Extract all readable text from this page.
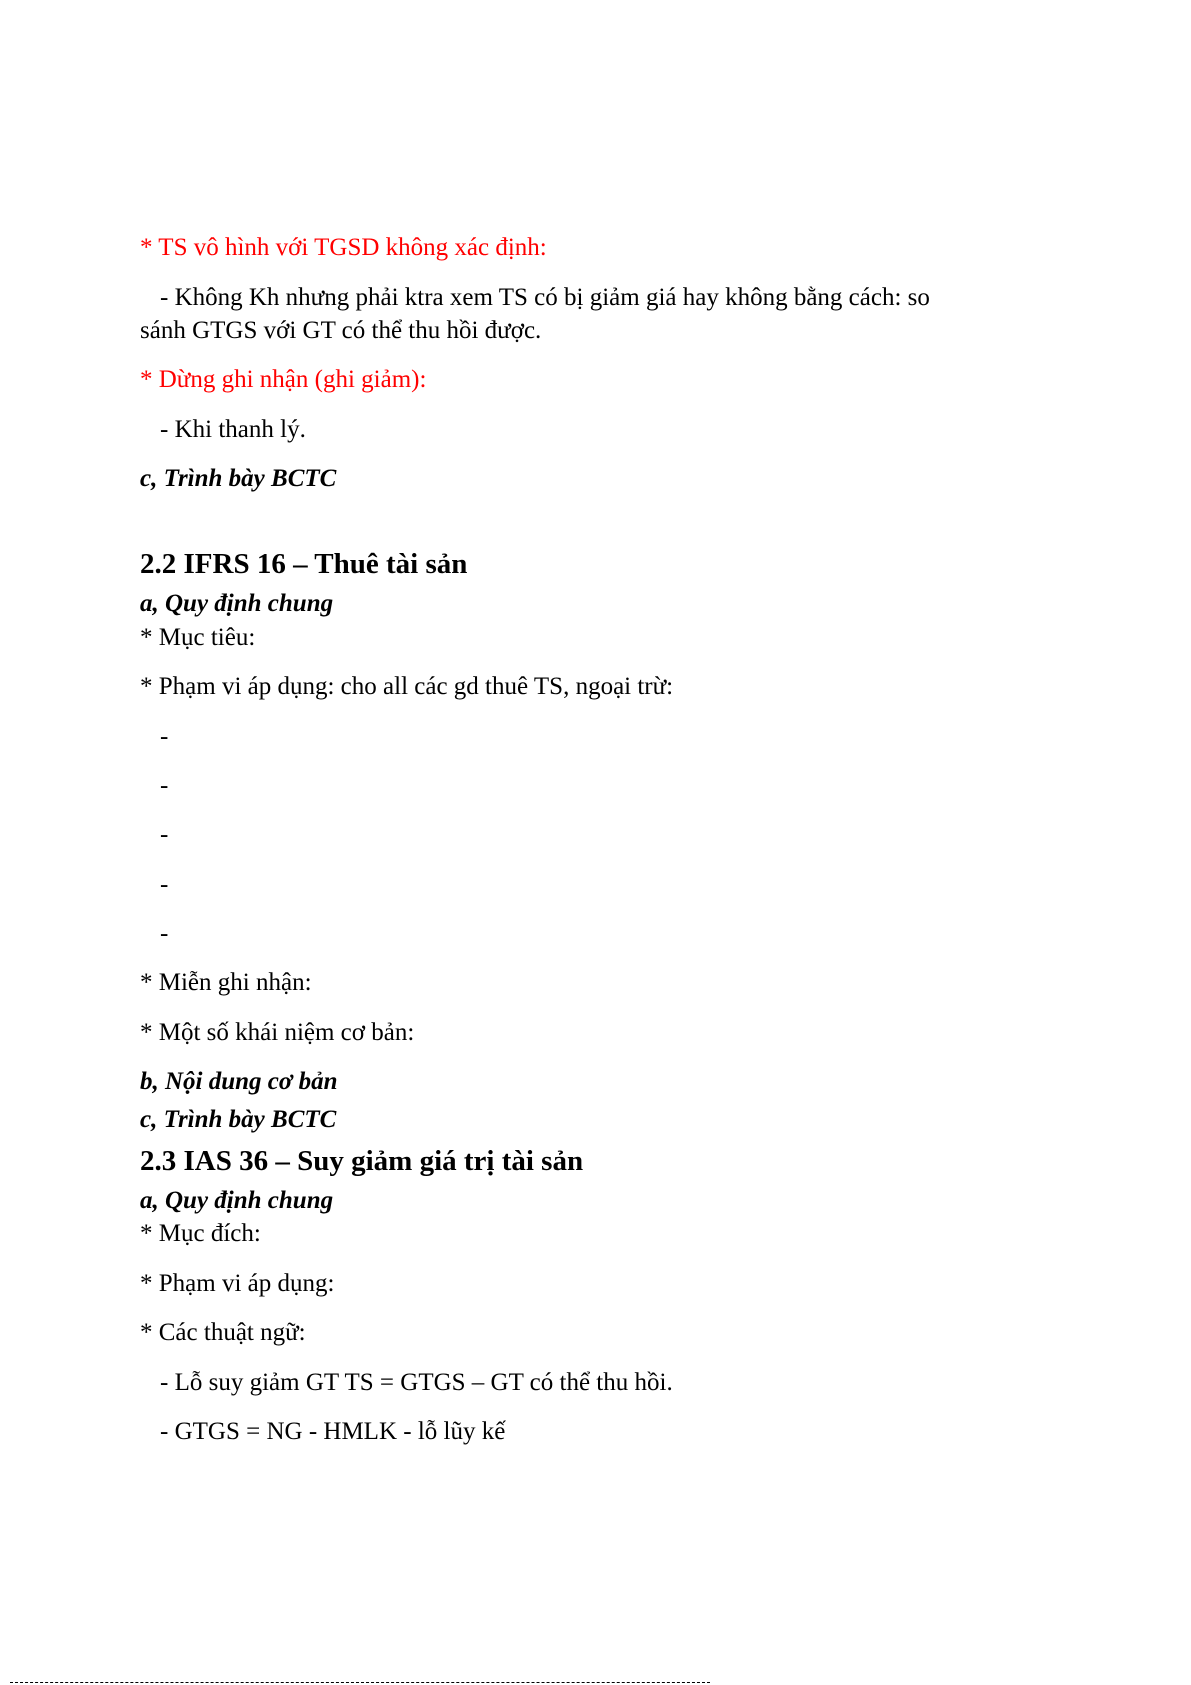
* TS vô hình với TGSD không xác định:
- Không Kh nhưng phải ktra xem TS có bị giảm giá hay không bằng cách: so
sánh GTGS với GT có thể thu hồi được.
* Dừng ghi nhận (ghi giảm):
- Khi thanh lý.
c, Trình bày BCTC
2.2 IFRS 16 – Thuê tài sản
a, Quy định chung
* Mục tiêu:
* Phạm vi áp dụng: cho all các gd thuê TS, ngoại trừ:
-
-
-
-
-
* Miễn ghi nhận:
* Một số khái niệm cơ bản:
b, Nội dung cơ bản
c, Trình bày BCTC
2.3 IAS 36 – Suy giảm giá trị tài sản
a, Quy định chung
* Mục đích:
* Phạm vi áp dụng:
* Các thuật ngữ:
- Lỗ suy giảm GT TS = GTGS – GT có thể thu hồi.
- GTGS = NG - HMLK - lỗ lũy kế
